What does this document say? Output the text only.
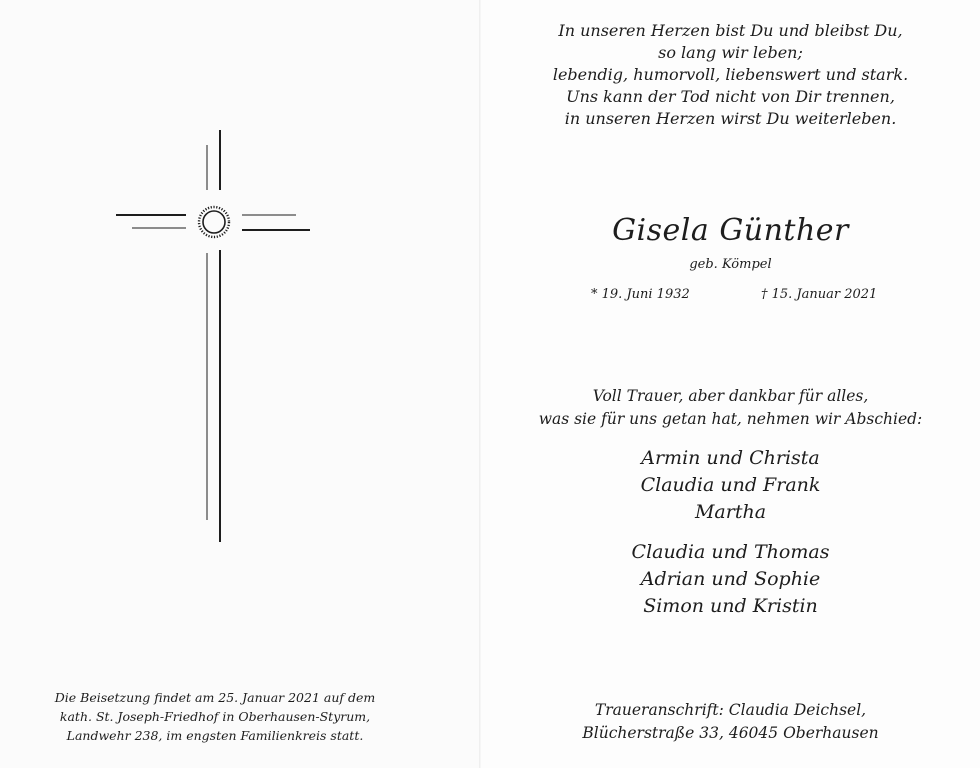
Die Beisetzung findet am 25. Januar 2021 auf dem
kath. St. Joseph-Friedhof in Oberhausen-Styrum,
Landwehr 238, im engsten Familienkreis statt.
In unseren Herzen bist Du und bleibst Du,
so lang wir leben;
lebendig, humorvoll, liebenswert und stark.
Uns kann der Tod nicht von Dir trennen,
in unseren Herzen wirst Du weiterleben.
Gisela Günther
geb. Kömpel
* 19. Juni 1932	† 15. Januar 2021
Voll Trauer, aber dankbar für alles,
was sie für uns getan hat, nehmen wir Abschied:
Armin und Christa
Claudia und Frank
Martha
Claudia und Thomas
Adrian und Sophie
Simon und Kristin
Traueranschrift: Claudia Deichsel,
Blücherstraße 33, 46045 Oberhausen
